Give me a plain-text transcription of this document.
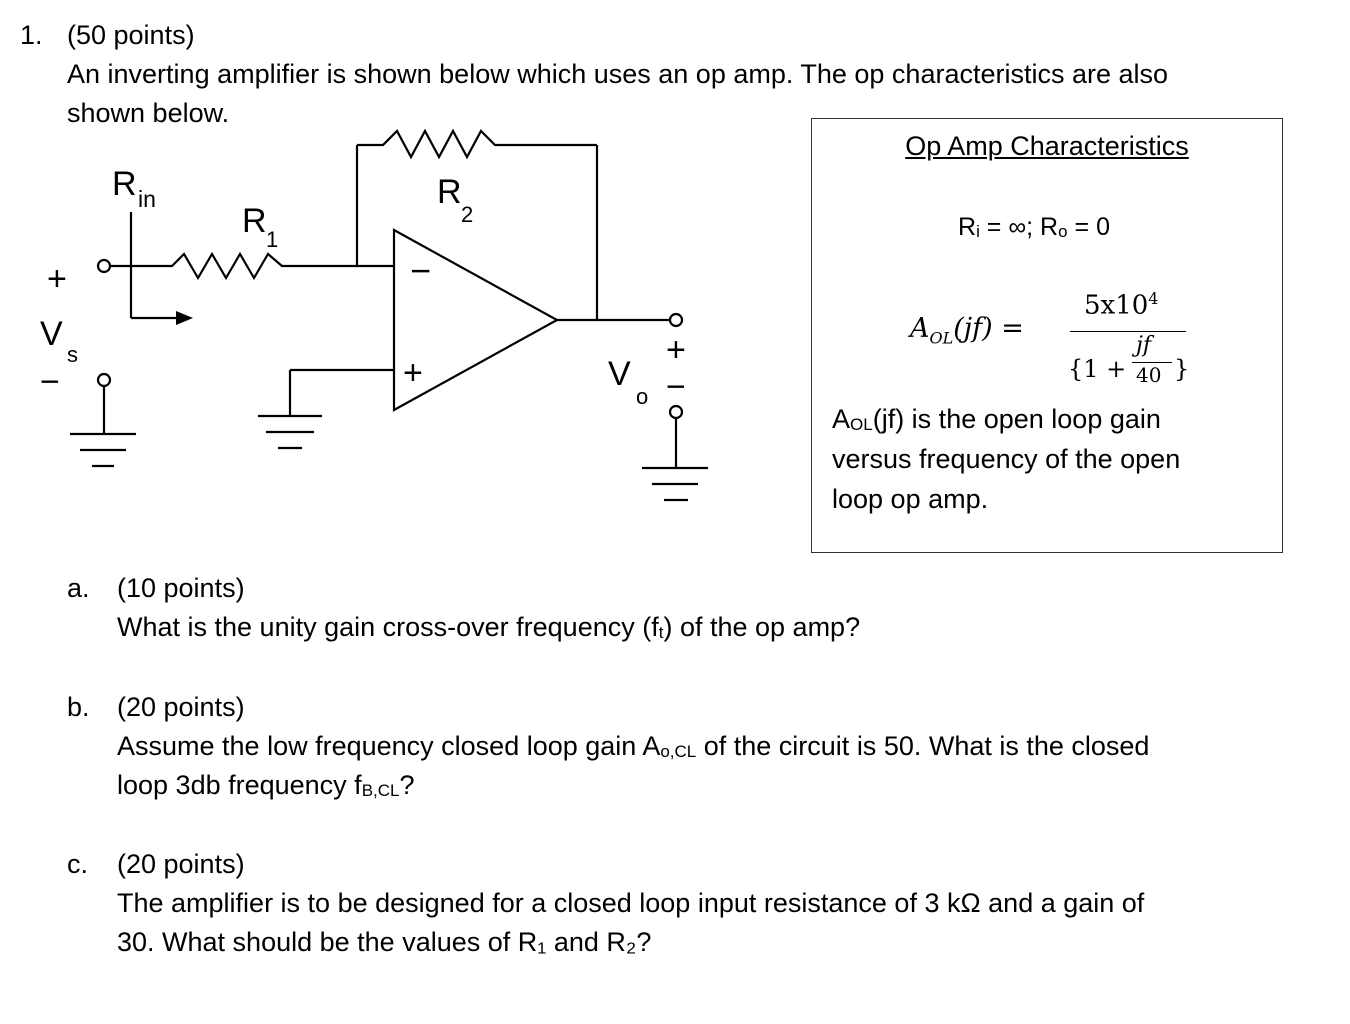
1. (50 points)
An inverting amplifier is shown below which uses an op amp. The op characteristics are also
shown below.
R in
R 1
R
2
+
V
s
−
−
+
+
V
o −
Op Amp Characteristics
$R_i$ = ∞; $R_o = 0$
$A_{OL}(jf)$ =
$5x10^4$
{1 +
jf
40 }
$A_{OL}(jf)$ is the open loop gain
versus frequency of the open
loop op amp.
a. (10 points)
What is the unity gain cross-over frequency $(f_t)$ of the op amp?
b. (20 points)
Assume the low frequency closed loop gain $A_{o,CL}$ of the circuit is 50. What is the closed
loop 3db frequency $f_{B,CL}$?
c. (20 points)
The amplifier is to be designed for a closed loop input resistance of 3 kΩ and a gain of
30. What should be the values of R₁ and R₂?
